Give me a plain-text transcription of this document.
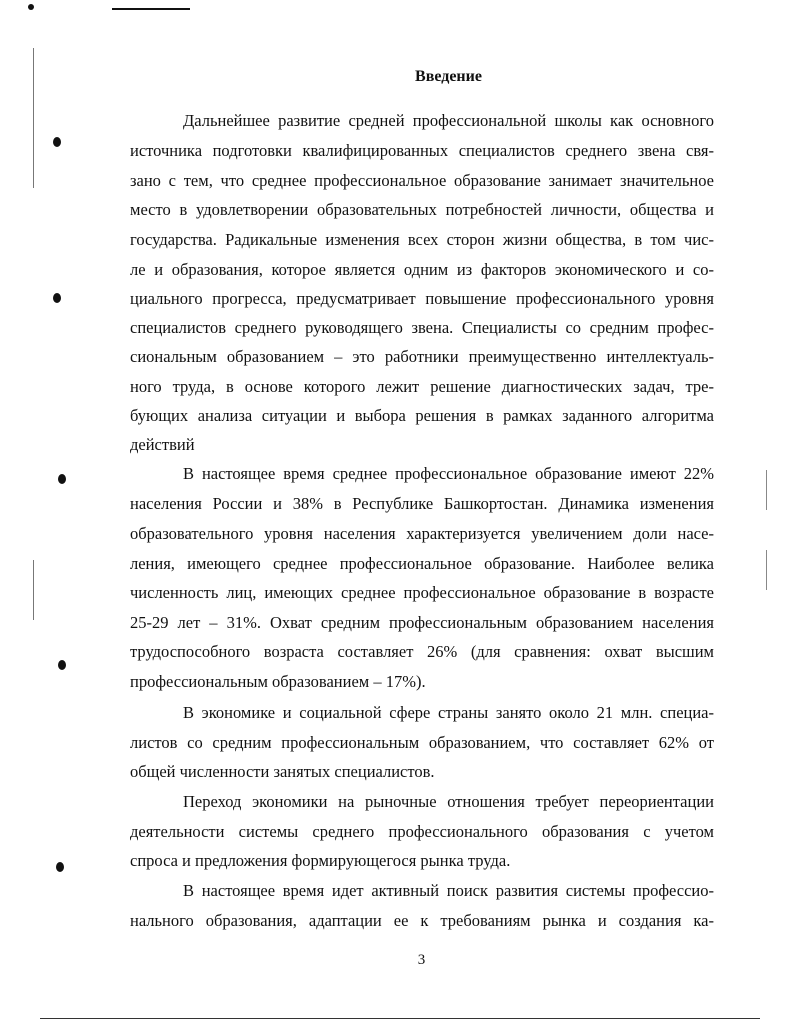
Введение
Дальнейшее развитие средней профессиональной школы как основного
источника подготовки квалифицированных специалистов среднего звена свя-
зано с тем, что среднее профессиональное образование занимает значительное
место в удовлетворении образовательных потребностей личности, общества и
государства. Радикальные изменения всех сторон жизни общества, в том чис-
ле и образования, которое является одним из факторов экономического и со-
циального прогресса, предусматривает повышение профессионального уровня
специалистов среднего руководящего звена. Специалисты со средним профес-
сиональным образованием – это работники преимущественно интеллектуаль-
ного труда, в основе которого лежит решение диагностических задач, тре-
бующих анализа ситуации и выбора решения в рамках заданного алгоритма
действий
В настоящее время среднее профессиональное образование имеют 22%
населения России и 38% в Республике Башкортостан. Динамика изменения
образовательного уровня населения характеризуется увеличением доли насе-
ления, имеющего среднее профессиональное образование. Наиболее велика
численность лиц, имеющих среднее профессиональное образование в возрасте
25-29 лет – 31%. Охват средним профессиональным образованием населения
трудоспособного возраста составляет 26% (для сравнения: охват высшим
профессиональным образованием – 17%).
В экономике и социальной сфере страны занято около 21 млн. специа-
листов со средним профессиональным образованием, что составляет 62% от
общей численности занятых специалистов.
Переход экономики на рыночные отношения требует переориентации
деятельности системы среднего профессионального образования с учетом
спроса и предложения формирующегося рынка труда.
В настоящее время идет активный поиск развития системы профессио-
нального образования, адаптации ее к требованиям рынка и создания ка-
3
